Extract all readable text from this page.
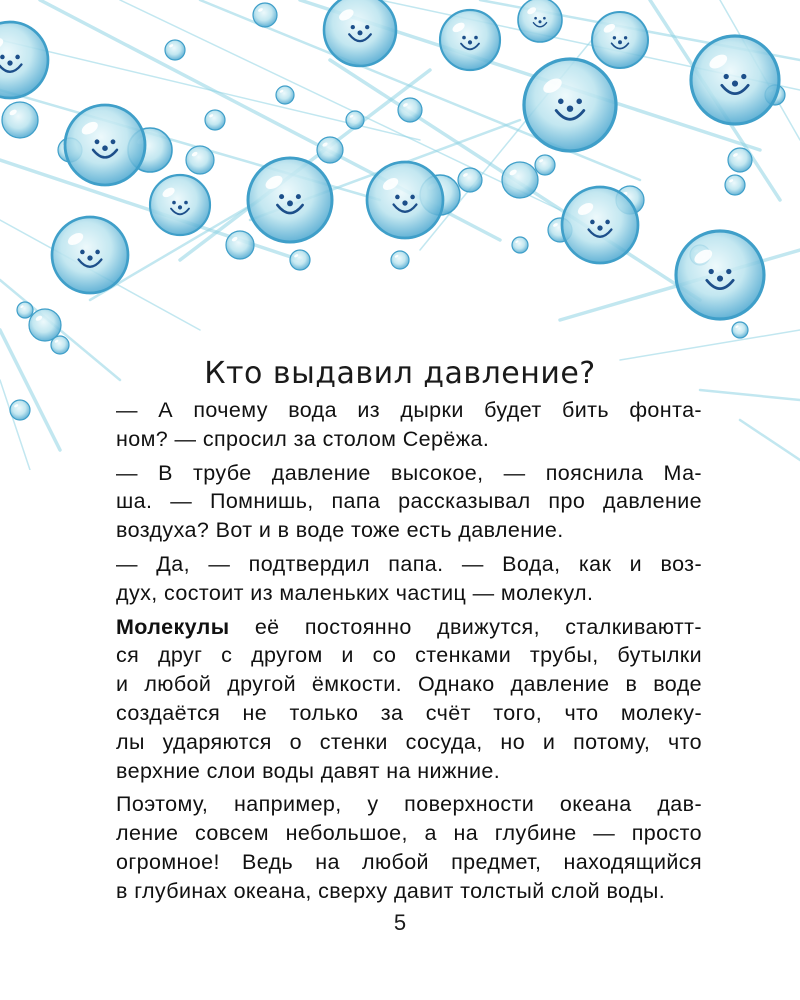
Кто выдавил давление?
— А почему вода из дырки будет бить фонта-
ном? — спросил за столом Серёжа.
— В трубе давление высокое, — пояснила Ма-
ша. — Помнишь, папа рассказывал про давление
воздуха? Вот и в воде тоже есть давление.
— Да, — подтвердил папа. — Вода, как и воз-
дух, состоит из маленьких частиц — молекул.
Молекулы её постоянно движутся, сталкиваютт-
ся друг с другом и со стенками трубы, бутылки
и любой другой ёмкости. Однако давление в воде
создаётся не только за счёт того, что молеку-
лы ударяются о стенки сосуда, но и потому, что
верхние слои воды давят на нижние.
Поэтому, например, у поверхности океана дав-
ление совсем небольшое, а на глубине — просто
огромное! Ведь на любой предмет, находящийся
в глубинах океана, сверху давит толстый слой воды.
5
